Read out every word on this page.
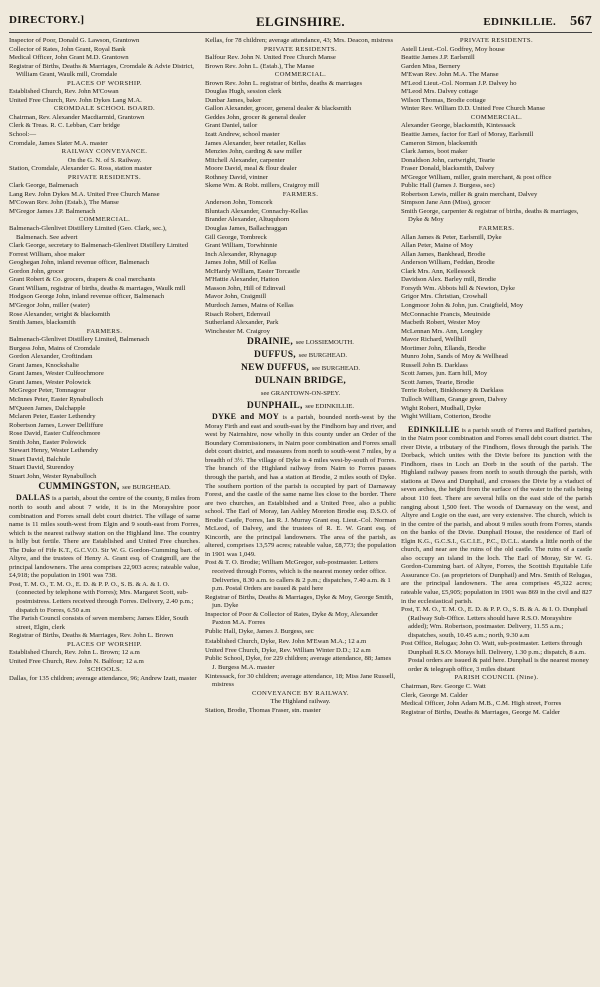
DIRECTORY.]	ELGINSHIRE.	EDINKILLIE. 567

Inspector of Poor, Donald G. Lawson, Grantown

Collector of Rates, John Grant, Royal Bank

Medical Officer, John Grant M.D. Grantown

Registrar of Births, Deaths & Marriages, Cromdale & Advie District, William Grant, Waulk mill, Cromdale

PLACES OF WORSHIP.

Established Church, Rev. John M'Cowan

United Free Church, Rev. John Dykes Lang M.A.

CROMDALE SCHOOL BOARD.

Chairman, Rev. Alexander Macdiarmid, Grantown

Clerk & Treas. R. C. Lebban, Carr bridge

School:—

Cromdale, James Slater M.A. master

RAILWAY CONVEYANCE.

On the G. N. of S. Railway.

Station, Cromdale, Alexander G. Ross, station master

PRIVATE RESIDENTS.

Clark George, Balmenach

Lang Rev. John Dykes M.A. United Free Church Manse

M'Cowan Rev. John (Estab.), The Manse

M'Gregor James J.P. Balmenach

COMMERCIAL.

Balmenach-Glenlivet Distillery Limited (Geo. Clark, sec.), Balmenach. See advert

Clark George, secretary to Balmenach-Glenlivet Distillery Limited

Forrest William, shoe maker

Geoghegan John, inland revenue officer, Balmenach

Gordon John, grocer

Grant Robert & Co. grocers, drapers & coal merchants

Grant William, registrar of births, deaths & marriages, Waulk mill

Hodgson George John, inland revenue officer, Balmenach

M'Gregor John, miller (water)

Rose Alexander, wright & blacksmith

Smith James, blacksmith

FARMERS.

Balmenach-Glenlivet Distillery Limited, Balmenach

Burgess John, Mains of Cromdale

Gordon Alexander, Croftindam

Grant James, Knockshalie

Grant James, Wester Culfeochmore

Grant James, Wester Polowick

McGregor Peter, Tomnagour

McInnes Peter, Easter Rynabulloch

M'Queen James, Dalchapple

Mclaren Peter, Easter Lethendry

Robertson James, Lower Delliffure

Rose David, Easter Culfeochmore

Smith John, Easter Polowick

Stewart Henry, Wester Lethendry

Stuart David, Balchule

Stuart David, Sturendoy

Stuart John, Wester Rynabulloch

CUMMINGSTON, see BURGHEAD.

DALLAS is a parish, about the centre of the county, 8 miles from north to south and about 7 wide, it is in the Morayshire poor combination and Forres small debt court district. The village of same name is 11 miles south-west from Elgin and 9 south-east from Forres, which is the nearest railway station on the Highland line. The country is hilly but fertile. There are Established and United Free churches. The Duke of Fife K.T., G.C.V.O. Sir W. G. Gordon-Cumming bart. of Altyre, and the trustees of Henry A. Grant esq. of Craigmill, are the principal landowners. The area comprises 22,903 acres; rateable value, £4,918; the population in 1901 was 738.

Post, T. M. O., T. M. O., E. D. & P. P. O., S. B. & A. & I. O. (connected by telephone with Forres); Mrs. Margaret Scott, sub-postmistress. Letters received through Forres. Delivery, 2.40 p.m.; dispatch to Forres, 6.50 a.m

The Parish Council consists of seven members; James Elder, South street, Elgin, clerk

Registrar of Births, Deaths & Marriages, Rev. John L. Brown

PLACES OF WORSHIP.

Established Church, Rev. John L. Brown; 12 a.m

United Free Church, Rev. John N. Balfour; 12 a.m

SCHOOLS.

Dallas, for 135 children; average attendance, 96; Andrew Izatt, master

Kellas, for 78 children; average attendance, 43; Mrs. Deacon, mistress

PRIVATE RESIDENTS.

Balfour Rev. John N. United Free Church Manse

Brown Rev. John L. (Estab.), The Manse

COMMERCIAL.

Brown Rev. John L. registrar of births, deaths & marriages

Douglas Hugh, session clerk

Dunbar James, baker

Gallon Alexander, grocer, general dealer & blacksmith

Geddes John, grocer & general dealer

Grant Daniel, tailor

Izatt Andrew, school master

James Alexander, beer retailer, Kellas

Menzies John, carding & saw miller

Mitchell Alexander, carpenter

Moore David, meal & flour dealer

Rothney David, vintner

Skene Wm. & Robt. millers, Craigroy mill

FARMERS.

Anderson John, Tomcork

Bluntach Alexander, Connachy-Kellas

Brander Alexander, Altuquhorn

Douglas James, Ballachraggan

Gill George, Tombreck

Grant William, Torwhinnie

Inch Alexander, Rhynagup

James John, Mill of Kellas

McHardy William, Easter Torcastle

M'Hattie Alexander, Hatton

Masson John, Hill of Edinvail

Mavor John, Craigmill

Murdoch James, Mains of Kellas

Risach Robert, Edenvail

Sutherland Alexander, Park

Winchester M. Craigroy

DRAINIE, see LOSSIEMOUTH.

DUFFUS, see BURGHEAD.

NEW DUFFUS, see BURGHEAD.

DULNAIN BRIDGE,
see GRANTOWN-ON-SPEY.

DUNPHAIL, see EDINKILLIE.

DYKE and MOY is a parish, bounded north-west by the Moray Firth and east and south-east by the Findhorn bay and river, and west by Nairnshire, now wholly in this county under an Order of the Boundary Commissioners, in Nairn poor combination and Forres small debt court district, and measures from north to south-west 7 miles, by a breadth of 3½. The village of Dyke is 4 miles west-by-south of Forres. The branch of the Highland railway from Nairn to Forres passes through the parish, and has a station at Brodie, 2 miles south of Dyke. The southern portion of the parish is occupied by part of Darnaway Forest, and the castle of the same name lies close to the border. There are two churches, an Established and a United Free, also a public school. The Earl of Moray, Ian Ashley Moreton Brodie esq. D.S.O. of Brodie Castle, Forres, Ian R. J. Murray Grant esq. Lieut.-Col. Norman McLeod, of Dalvey, and the trustees of R. E. W. Grant esq. of Kincorth, are the principal landowners. The area of the parish, as altered, comprises 13,579 acres; rateable value, £8,773; the population in 1901 was 1,049.

Post & T. O. Brodie; William McGregor, sub-postmaster. Letters received through Forres, which is the nearest money order office. Deliveries, 8.30 a.m. to callers & 2 p.m.; dispatches, 7.40 a.m. & 1 p.m. Postal Orders are issued & paid here

Registrar of Births, Deaths & Marriages, Dyke & Moy, George Smith, jun. Dyke

Inspector of Poor & Collector of Rates, Dyke & Moy, Alexander Paxton M.A. Forres

Public Hall, Dyke, James J. Burgess, sec

Established Church, Dyke, Rev. John M'Ewan M.A.; 12 a.m

United Free Church, Dyke, Rev. William Winter D.D.; 12 a.m

Public School, Dyke, for 229 children; average attendance, 88; James J. Burgess M.A. master

Kintessack, for 30 children; average attendance, 18; Miss Jane Russell, mistress

CONVEYANCE BY RAILWAY.

The Highland railway.

Station, Brodie, Thomas Fraser, stn. master

PRIVATE RESIDENTS.

Astell Lieut.-Col. Godfrey, Moy house

Beattie James J.P. Earlsmill

Garden Miss, Bernery

M'Ewan Rev. John M.A. The Manse

M'Leod Lieut.-Col. Norman J.P. Dalvey ho

M'Leod Mrs. Dalvey cottage

Wilson Thomas, Brodie cottage

Winter Rev. William D.D. United Free Church Manse

COMMERCIAL.

Alexander George, blacksmith, Kintessack

Beattie James, factor for Earl of Moray, Earlsmill

Cameron Simon, blacksmith

Clark James, boot maker

Donaldson John, cartwright, Tearie

Fraser Donald, blacksmith, Dalvey

M'Gregor William, miller, grain merchant, & post office

Public Hall (James J. Burgess, sec)

Robertson Lewis, miller & grain merchant, Dalvey

Simpson Jane Ann (Miss), grocer

Smith George, carpenter & registrar of births, deaths & marriages, Dyke & Moy

FARMERS.

Allan James & Peter, Earlsmill, Dyke

Allan Peter, Maine of Moy

Allan James, Bankhead, Brodie

Anderson William, Feddan, Brodie

Clark Mrs. Ann, Kellessock

Davidson Alex. Barley mill, Brodie

Forsyth Wm. Abbots hill & Newton, Dyke

Grigor Mrs. Christian, Crowhall

Longmoor John & John, jun. Craigfield, Moy

McConnachie Francis, Meuirside

Macbeth Robert, Wester Moy

McLennan Mrs. Ann, Longley

Mavor Richard, Wellhill

Mortimer John, Ellands, Brodie

Munro John, Sands of Moy & Wellhead

Russell John B. Darklass

Scott James, jun. Earn hill, Moy

Scott James, Tearie, Brodie

Terrie Robert, Binkhonery & Darklass

Tulloch William, Grange green, Dalvey

Wight Robert, Mudhall, Dyke

Wight William, Cotterton, Brodie

EDINKILLIE is a parish south of Forres and Rafford parishes, in the Nairn poor combination and Forres small debt court district. The river Divie, a tributary of the Findhorn, flows through the parish. The Dorback, which unites with the Divie before its junction with the Findhorn, rises in Loch an Dorb in the south of the parish. The Highland railway passes from north to south through the parish, with stations at Dava and Dunphail, and crosses the Divie by a viaduct of seven arches, the height from the surface of the water to the rails being about 110 feet. There are several hills on the east side of the parish ranging about 1,500 feet. The woods of Darnaway on the west, and Altyre and Logie on the east, are very extensive. The church, which is in the centre of the parish, and about 9 miles south from Forres, stands on the banks of the Divie. Dunphail House, the residence of Earl of Elgin K.G., G.C.S.I., G.C.I.E., P.C., D.C.L. stands a little north of the church, and near are the ruins of the old castle. The ruins of a castle also occupy an island in the loch. The Earl of Moray, Sir W. G. Gordon-Cumming bart. of Altyre, Forres, the Scottish Equitable Life Assurance Co. (as proprietors of Dunphail) and Mrs. Smith of Relugas, are the principal landowners. The area comprises 45,322 acres; rateable value, £5,905; population in 1901 was 869 in the civil and 827 in the ecclesiastical parish.

Post, T. M. O., T. M. O., E. D. & P. P. O., S. B. & A. & I. O. Dunphail (Railway Sub-Office. Letters should have R.S.O. Morayshire added); Wm. Robertson, postmaster. Delivery, 11.55 a.m.; dispatches, south, 10.45 a.m.; north, 9.30 a.m

Post Office, Relugas; John O. Watt, sub-postmaster. Letters through Dunphail R.S.O. Morays hill. Delivery, 1.30 p.m.; dispatch, 8 a.m. Postal orders are issued & paid here. Dunphail is the nearest money order & telegraph office, 3 miles distant

PARISH COUNCIL (Nine).

Chairman, Rev. George C. Watt

Clerk, George M. Calder

Medical Officer, John Adam M.B., C.M. High street, Forres

Registrar of Births, Deaths & Marriages, George M. Calder
